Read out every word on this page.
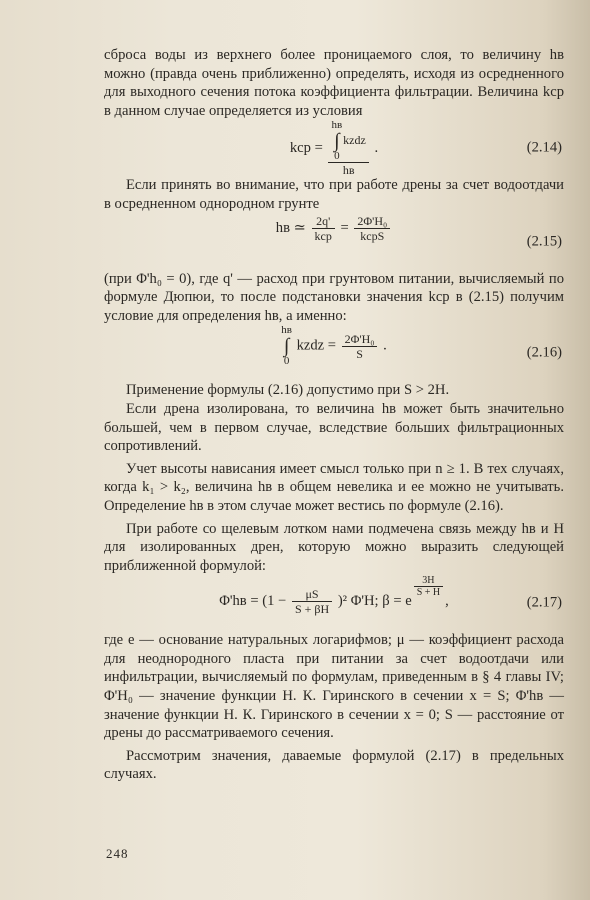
сброса воды из верхнего более проницаемого слоя, то величину hв можно (правда очень приближенно) определять, исходя из осредненного для выходного сечения потока коэффициента фильтрации. Величина kср в данном случае определяется из условия

kср = hв
∫
0kzdz
hв .	(2.14)

Если принять во внимание, что при работе дрены за счет водоотдачи в осредненном однородном грунте

hв ≃ $\frac{2q'}{\text{kср}} = \frac{\text{2Φ'H₀}}{\text{kсрS}}$	(2.15)

(при Φ'h₀ = 0), где q' — расход при грунтовом питании, вычисляемый по формуле Дюпюи, то после подстановки значения kср в (2.15) получим условие для определения hв, а именно:

hв
∫
0 kzdz = $\frac{\text{2Φ'H₀}}{S}$ .	(2.16)

Применение формулы (2.16) допустимо при S > 2H.

Если дрена изолирована, то величина hв может быть значительно большей, чем в первом случае, вследствие больших фильтрационных сопротивлений.

Учет высоты нависания имеет смысл только при n ≥ 1. В тех случаях, когда k₁ > k₂, величина hв в общем невелика и ее можно не учитывать. Определение hв в этом случае может вестись по формуле (2.16).

При работе со щелевым лотком нами подмечена связь между hв и H для изолированных дрен, которую можно выразить следующей приближенной формулой:

$\Phi'hв = (1 - \frac{\mu S}{S + \beta H} )^2$ Φ'H; β = e
$^{\frac{3H}{S + H}}$
,	(2.17)

где e — основание натуральных логарифмов; μ — коэффициент расхода для неоднородного пласта при питании за счет водоотдачи или инфильтрации, вычисляемый по формулам, приведенным в § 4 главы IV; Φ'H₀ — значение функции Н. К. Гиринского в сечении x = S; Φ'hв — значение функции Н. К. Гиринского в сечении x = 0; S — расстояние от дрены до рассматриваемого сечения.

Рассмотрим значения, даваемые формулой (2.17) в предельных случаях.

248
